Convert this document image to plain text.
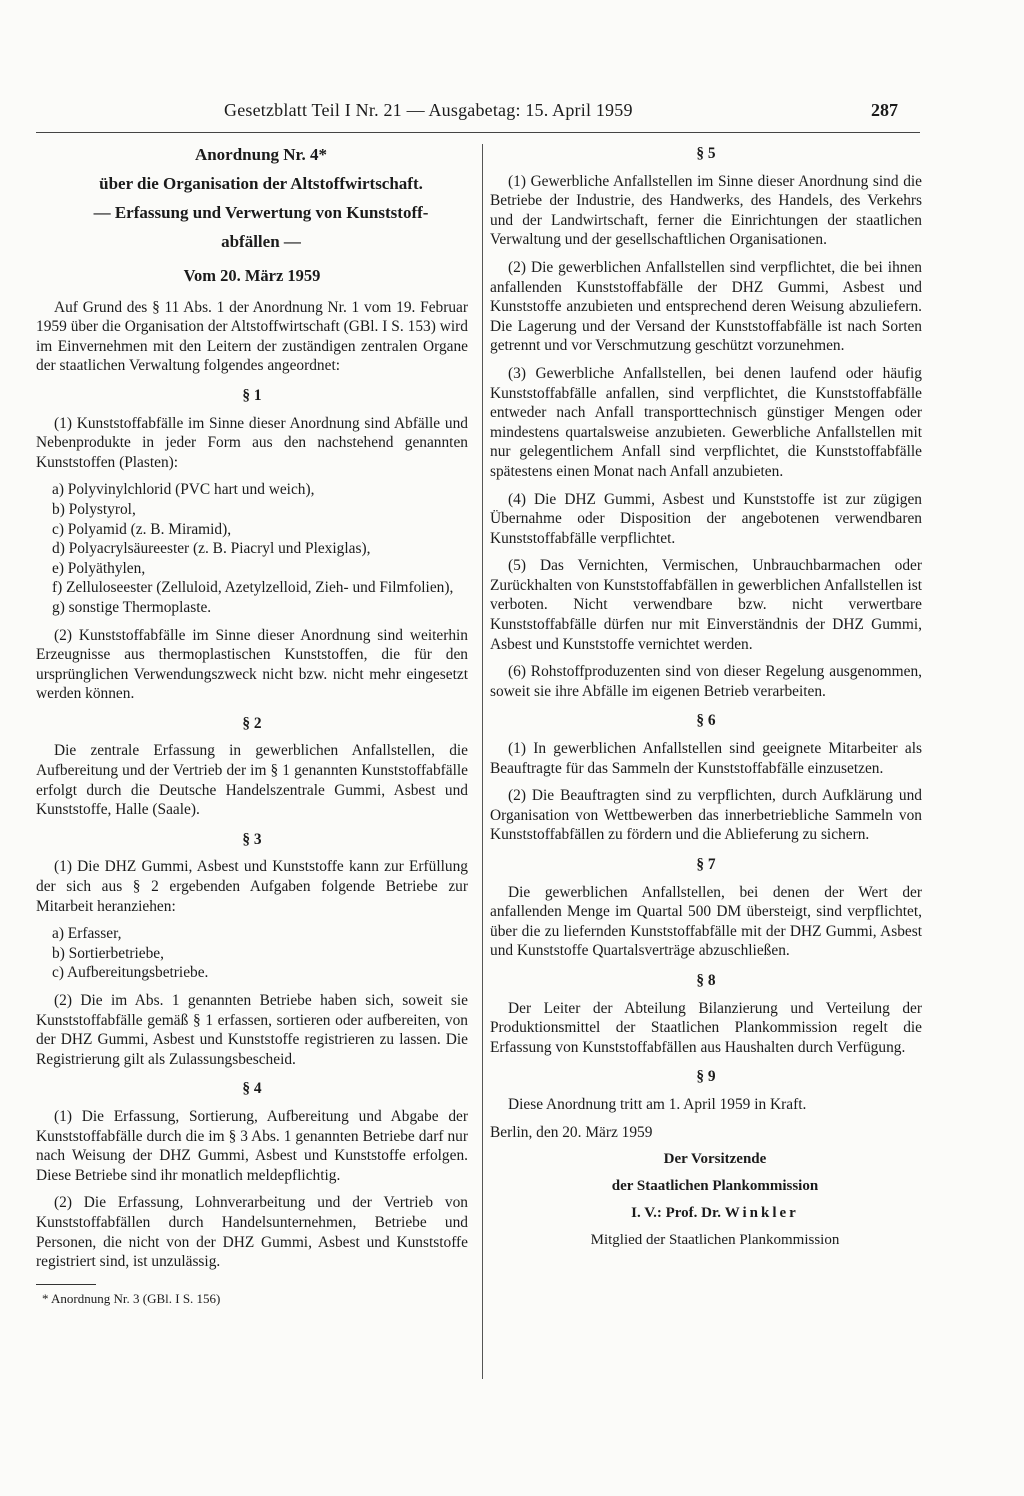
Gesetzblatt Teil I Nr. 21 — Ausgabetag: 15. April 1959	287

Anordnung Nr. 4*

über die Organisation der Altstoffwirtschaft.

— Erfassung und Verwertung von Kunststoff-

abfällen —

Vom 20. März 1959

Auf Grund des § 11 Abs. 1 der Anordnung Nr. 1 vom 19. Februar 1959 über die Organisation der Altstoffwirtschaft (GBl. I S. 153) wird im Einvernehmen mit den Leitern der zuständigen zentralen Organe der staatlichen Verwaltung folgendes angeordnet:

§ 1

(1) Kunststoffabfälle im Sinne dieser Anordnung sind Abfälle und Nebenprodukte in jeder Form aus den nachstehend genannten Kunststoffen (Plasten):

a) Polyvinylchlorid (PVC hart und weich),
b) Polystyrol,
c) Polyamid (z. B. Miramid),
d) Polyacrylsäureester (z. B. Piacryl und Plexiglas),
e) Polyäthylen,
f) Zelluloseester (Zelluloid, Azetylzelloid, Zieh- und Filmfolien),
g) sonstige Thermoplaste.

(2) Kunststoffabfälle im Sinne dieser Anordnung sind weiterhin Erzeugnisse aus thermoplastischen Kunststoffen, die für den ursprünglichen Verwendungszweck nicht bzw. nicht mehr eingesetzt werden können.

§ 2

Die zentrale Erfassung in gewerblichen Anfallstellen, die Aufbereitung und der Vertrieb der im § 1 genannten Kunststoffabfälle erfolgt durch die Deutsche Handelszentrale Gummi, Asbest und Kunststoffe, Halle (Saale).

§ 3

(1) Die DHZ Gummi, Asbest und Kunststoffe kann zur Erfüllung der sich aus § 2 ergebenden Aufgaben folgende Betriebe zur Mitarbeit heranziehen:

a) Erfasser,
b) Sortierbetriebe,
c) Aufbereitungsbetriebe.

(2) Die im Abs. 1 genannten Betriebe haben sich, soweit sie Kunststoffabfälle gemäß § 1 erfassen, sortieren oder aufbereiten, von der DHZ Gummi, Asbest und Kunststoffe registrieren zu lassen. Die Registrierung gilt als Zulassungsbescheid.

§ 4

(1) Die Erfassung, Sortierung, Aufbereitung und Abgabe der Kunststoffabfälle durch die im § 3 Abs. 1 genannten Betriebe darf nur nach Weisung der DHZ Gummi, Asbest und Kunststoffe erfolgen. Diese Betriebe sind ihr monatlich meldepflichtig.

(2) Die Erfassung, Lohnverarbeitung und der Vertrieb von Kunststoffabfällen durch Handelsunternehmen, Betriebe und Personen, die nicht von der DHZ Gummi, Asbest und Kunststoffe registriert sind, ist unzulässig.

* Anordnung Nr. 3 (GBl. I S. 156)
§ 5

(1) Gewerbliche Anfallstellen im Sinne dieser Anordnung sind die Betriebe der Industrie, des Handwerks, des Handels, des Verkehrs und der Landwirtschaft, ferner die Einrichtungen der staatlichen Verwaltung und der gesellschaftlichen Organisationen.

(2) Die gewerblichen Anfallstellen sind verpflichtet, die bei ihnen anfallenden Kunststoffabfälle der DHZ Gummi, Asbest und Kunststoffe anzubieten und entsprechend deren Weisung abzuliefern. Die Lagerung und der Versand der Kunststoffabfälle ist nach Sorten getrennt und vor Verschmutzung geschützt vorzunehmen.

(3) Gewerbliche Anfallstellen, bei denen laufend oder häufig Kunststoffabfälle anfallen, sind verpflichtet, die Kunststoffabfälle entweder nach Anfall transporttechnisch günstiger Mengen oder mindestens quartalsweise anzubieten. Gewerbliche Anfallstellen mit nur gelegentlichem Anfall sind verpflichtet, die Kunststoffabfälle spätestens einen Monat nach Anfall anzubieten.

(4) Die DHZ Gummi, Asbest und Kunststoffe ist zur zügigen Übernahme oder Disposition der angebotenen verwendbaren Kunststoffabfälle verpflichtet.

(5) Das Vernichten, Vermischen, Unbrauchbarmachen oder Zurückhalten von Kunststoffabfällen in gewerblichen Anfallstellen ist verboten. Nicht verwendbare bzw. nicht verwertbare Kunststoffabfälle dürfen nur mit Einverständnis der DHZ Gummi, Asbest und Kunststoffe vernichtet werden.

(6) Rohstoffproduzenten sind von dieser Regelung ausgenommen, soweit sie ihre Abfälle im eigenen Betrieb verarbeiten.

§ 6

(1) In gewerblichen Anfallstellen sind geeignete Mitarbeiter als Beauftragte für das Sammeln der Kunststoffabfälle einzusetzen.

(2) Die Beauftragten sind zu verpflichten, durch Aufklärung und Organisation von Wettbewerben das innerbetriebliche Sammeln von Kunststoffabfällen zu fördern und die Ablieferung zu sichern.

§ 7

Die gewerblichen Anfallstellen, bei denen der Wert der anfallenden Menge im Quartal 500 DM übersteigt, sind verpflichtet, über die zu liefernden Kunststoffabfälle mit der DHZ Gummi, Asbest und Kunststoffe Quartalsverträge abzuschließen.

§ 8

Der Leiter der Abteilung Bilanzierung und Verteilung der Produktionsmittel der Staatlichen Plankommission regelt die Erfassung von Kunststoffabfällen aus Haushalten durch Verfügung.

§ 9

Diese Anordnung tritt am 1. April 1959 in Kraft.

Berlin, den 20. März 1959

Der Vorsitzende

der Staatlichen Plankommission

I. V.: Prof. Dr. Winkler

Mitglied der Staatlichen Plankommission
